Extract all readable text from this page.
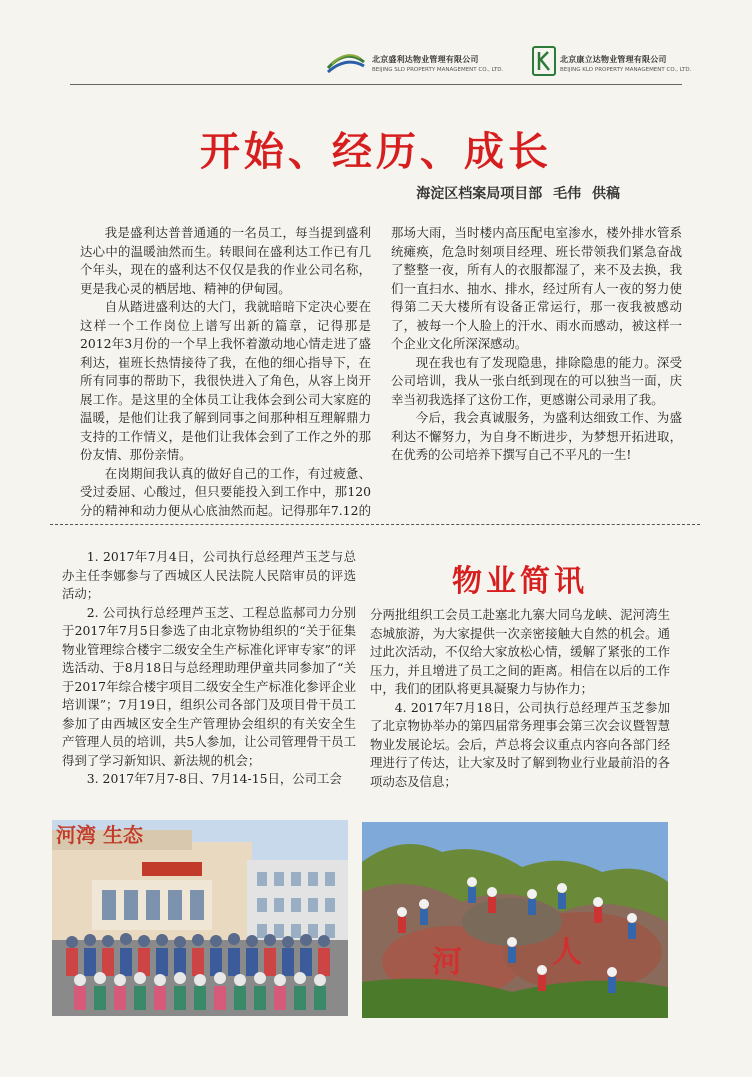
北京盛利达物业管理有限公司
BEIJING SLD PROPERTY MANAGEMENT CO., LTD.
北京康立达物业管理有限公司
BEIJING KLD PROPERTY MANAGEMENT CO., LTD.
开始、经历、成长
海淀区档案局项目部 毛伟 供稿

我是盛利达普普通通的一名员工，每当提到盛利达心中的温暖油然而生。转眼间在盛利达工作已有几个年头，现在的盛利达不仅仅是我的作业公司名称，更是我心灵的栖居地、精神的伊甸园。

自从踏进盛利达的大门，我就暗暗下定决心要在这样一个工作岗位上谱写出新的篇章，记得那是2012年3月份的一个早上我怀着激动地心情走进了盛利达，崔班长热情接待了我，在他的细心指导下，在所有同事的帮助下，我很快进入了角色，从容上岗开展工作。是这里的全体员工让我体会到公司大家庭的温暖，是他们让我了解到同事之间那种相互理解鼎力支持的工作情义，是他们让我体会到了工作之外的那份友情、那份亲情。

在岗期间我认真的做好自己的工作，有过疲惫、受过委屈、心酸过，但只要能投入到工作中，那120分的精神和动力便从心底油然而起。记得那年7.12的那场大雨，当时楼内高压配电室渗水，楼外排水管系统瘫痪，危急时刻项目经理、班长带领我们紧急奋战了整整一夜，所有人的衣服都湿了，来不及去换，我们一直扫水、抽水、排水，经过所有人一夜的努力使得第二天大楼所有设备正常运行，那一夜我被感动了，被每一个人脸上的汗水、雨水而感动，被这样一个企业文化所深深感动。

现在我也有了发现隐患，排除隐患的能力。深受公司培训，我从一张白纸到现在的可以独当一面，庆幸当初我选择了这份工作，更感谢公司录用了我。

今后，我会真诚服务，为盛利达细致工作、为盛利达不懈努力，为自身不断进步，为梦想开拓进取，在优秀的公司培养下撰写自己不平凡的一生!

1. 2017年7月4日，公司执行总经理芦玉芝与总办主任李娜参与了西城区人民法院人民陪审员的评选活动；

2. 公司执行总经理芦玉芝、工程总监郝司力分别于2017年7月5日参选了由北京物协组织的“关于征集物业管理综合楼宇二级安全生产标准化评审专家”的评选活动、于8月18日与总经理助理伊童共同参加了“关于2017年综合楼宇项目二级安全生产标准化参评企业培训课”；7月19日，组织公司各部门及项目骨干员工参加了由西城区安全生产管理协会组织的有关安全生产管理人员的培训，共5人参加，让公司管理骨干员工得到了学习新知识、新法规的机会；

3. 2017年7月7-8日、7月14-15日，公司工会

物业简讯

分两批组织工会员工赴塞北九寨大同乌龙峡、泥河湾生态城旅游，为大家提供一次亲密接触大自然的机会。通过此次活动，不仅给大家放松心情，缓解了紧张的工作压力，并且增进了员工之间的距离。相信在以后的工作中，我们的团队将更具凝聚力与协作力；

4. 2017年7月18日，公司执行总经理芦玉芝参加了北京物协举办的第四届常务理事会第三次会议暨智慧物业发展论坛。会后，芦总将会议重点内容向各部门经理进行了传达，让大家及时了解到物业行业最前沿的各项动态及信息；

河湾 生态
河	人
